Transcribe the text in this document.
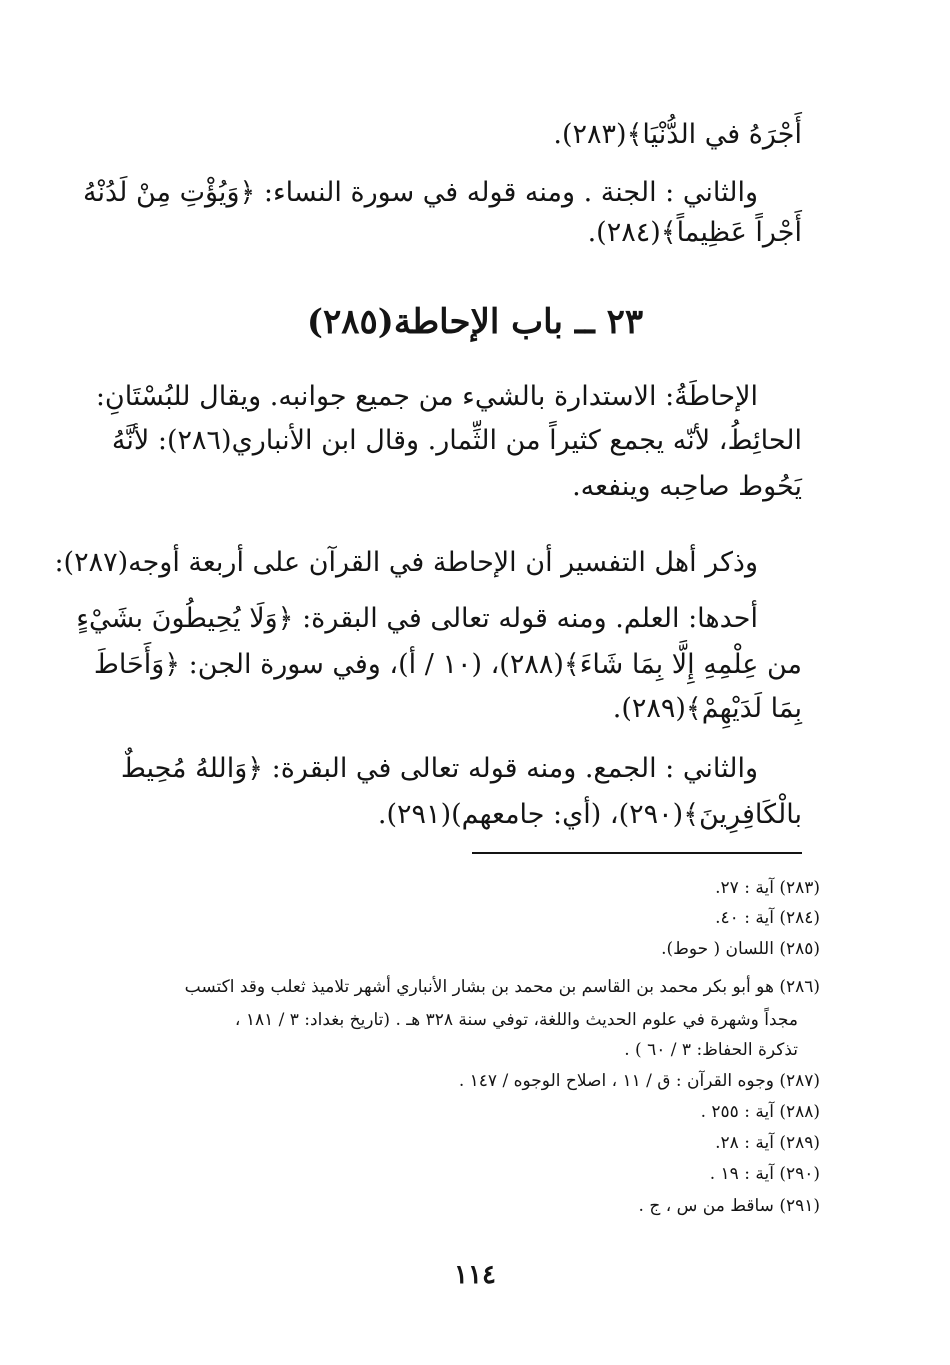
أَجْرَهُ في الدُّنْيَا﴾(٢٨٣).
والثاني : الجنة . ومنه قوله في سورة النساء: ﴿وَيُؤْتِ مِنْ لَدُنْهُ
أَجْراً عَظِيماً﴾(٢٨٤).
٢٣ ــ باب الإحاطة(٢٨٥)
الإحاطَةُ: الاستدارة بالشيء من جميع جوانبه. ويقال للبُسْتَانِ:
الحائِطُ، لأنّه يجمع كثيراً من الثِّمار. وقال ابن الأنباري(٢٨٦): لأنَّهُ
يَحُوط صاحِبه وينفعه.
وذكر أهل التفسير أن الإحاطة في القرآن على أربعة أوجه(٢٨٧):
أحدها: العلم. ومنه قوله تعالى في البقرة: ﴿وَلَا يُحِيطُونَ بشَيْءٍ
من عِلْمِهِ إِلَّا بِمَا شَاءَ﴾(٢٨٨)، (١٠ / أ)، وفي سورة الجن: ﴿وَأَحَاطَ
بِمَا لَدَيْهِمْ﴾(٢٨٩).
والثاني : الجمع. ومنه قوله تعالى في البقرة: ﴿وَاللهُ مُحِيطٌ
بالْكَافِرِينَ﴾(٢٩٠)، (أي: جامعهم)(٢٩١).
(٢٨٣) آية : ٢٧.
(٢٨٤) آية : ٤٠.
(٢٨٥) اللسان ( حوط).
(٢٨٦) هو أبو بكر محمد بن القاسم بن محمد بن بشار الأنباري أشهر تلاميذ ثعلب وقد اكتسب
مجداً وشهرة في علوم الحديث واللغة، توفي سنة ٣٢٨ هـ . (تاريخ بغداد: ٣ / ١٨١ ،
تذكرة الحفاظ: ٣ / ٦٠ ) .
(٢٨٧) وجوه القرآن : ق / ١١ ، اصلاح الوجوه / ١٤٧ .
(٢٨٨) آية : ٢٥٥ .
(٢٨٩) آية : ٢٨.
(٢٩٠) آية : ١٩ .
(٢٩١) ساقط من س ، ج .
١١٤
